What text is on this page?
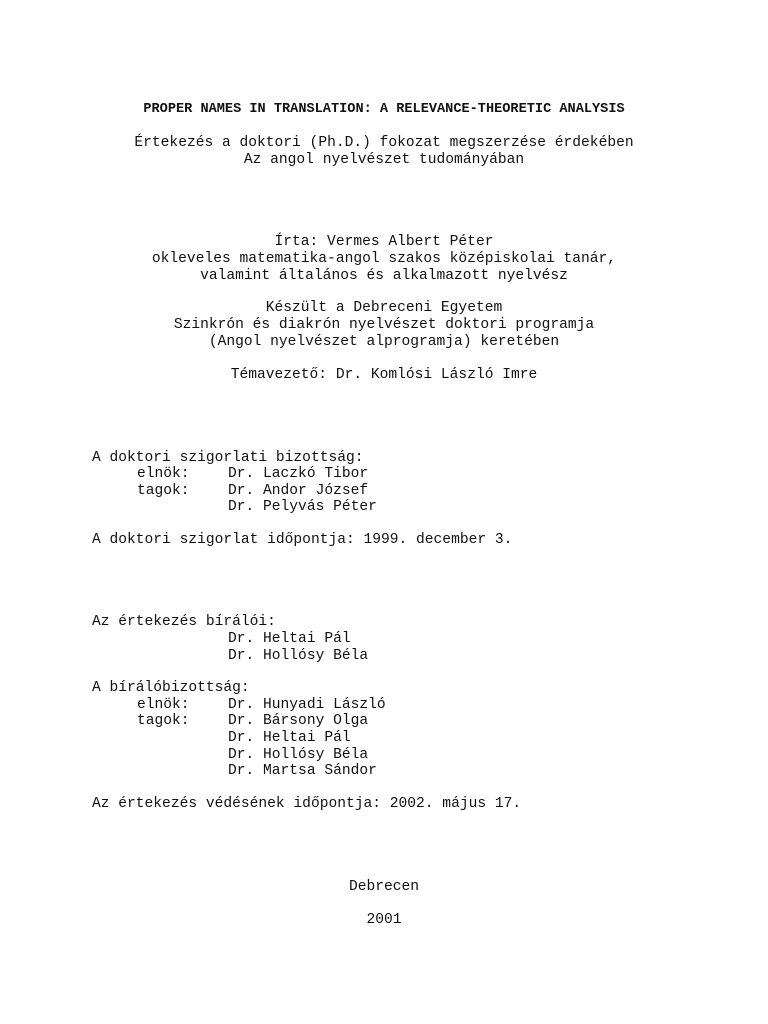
PROPER NAMES IN TRANSLATION: A RELEVANCE-THEORETIC ANALYSIS
Értekezés a doktori (Ph.D.) fokozat megszerzése érdekében
Az angol nyelvészet tudományában
Írta: Vermes Albert Péter
okleveles matematika-angol szakos középiskolai tanár,
valamint általános és alkalmazott nyelvész
Készült a Debreceni Egyetem
Szinkrón és diakrón nyelvészet doktori programja
(Angol nyelvészet alprogramja) keretében
Témavezető: Dr. Komlósi László Imre
A doktori szigorlati bizottság:
elnök:	Dr. Laczkó Tibor
tagok:	Dr. Andor József
Dr. Pelyvás Péter
A doktori szigorlat időpontja: 1999. december 3.
Az értekezés bírálói:
Dr. Heltai Pál
Dr. Hollósy Béla
A bírálóbizottság:
elnök:	Dr. Hunyadi László
tagok:	Dr. Bársony Olga
Dr. Heltai Pál
Dr. Hollósy Béla
Dr. Martsa Sándor
Az értekezés védésének időpontja: 2002. május 17.
Debrecen
2001
